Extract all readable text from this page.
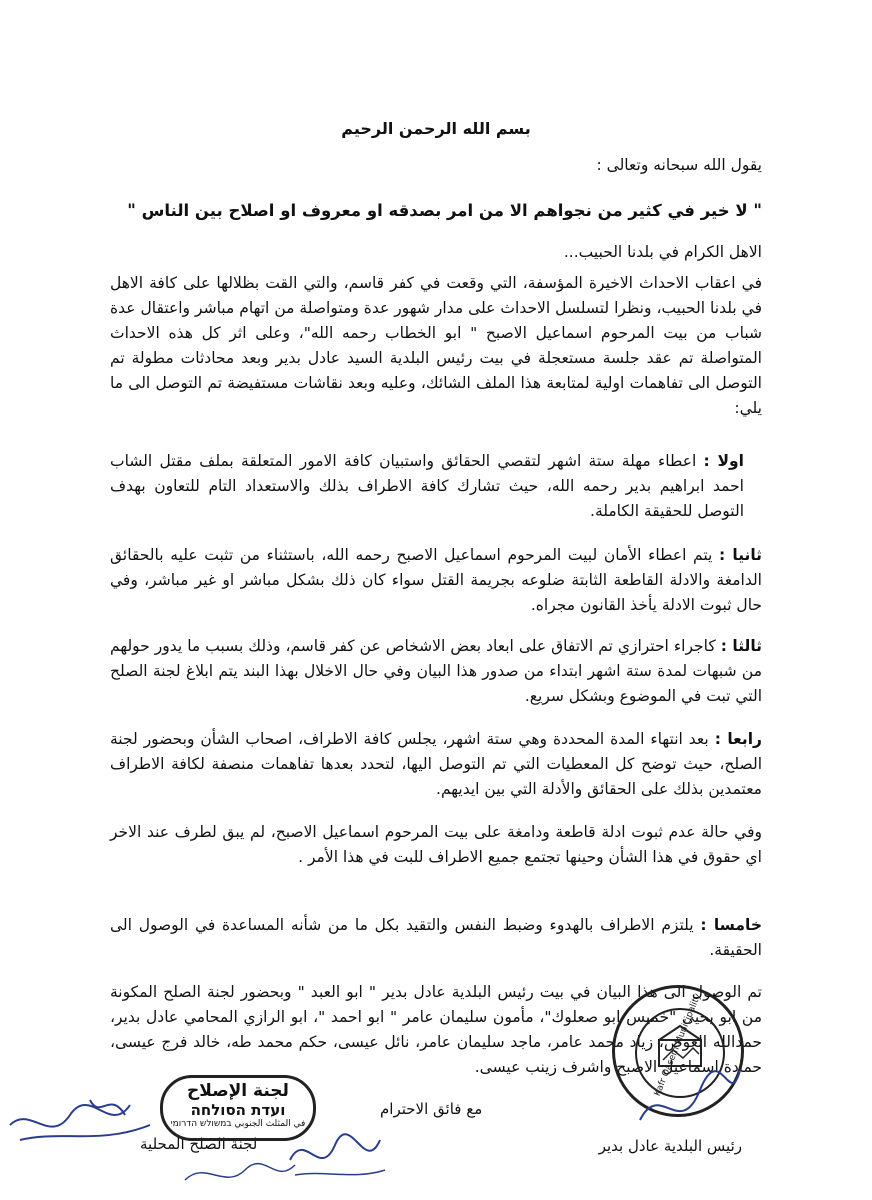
بسم الله الرحمن الرحيم
يقول الله سبحانه وتعالى :
" لا خير في كثير من نجواهم الا من امر بصدقه او معروف او اصلاح بين الناس "
الاهل الكرام في بلدنا الحبيب...
في اعقاب الاحداث الاخيرة المؤسفة، التي وقعت في كفر قاسم، والتي القت بظلالها على كافة الاهل في بلدنا الحبيب، ونظرا لتسلسل الاحداث على مدار شهور عدة ومتواصلة من اتهام مباشر واعتقال عدة شباب من بيت المرحوم اسماعيل الاصبح " ابو الخطاب رحمه الله"، وعلى اثر كل هذه الاحداث المتواصلة تم عقد جلسة مستعجلة في بيت رئيس البلدية السيد عادل بدير وبعد محادثات مطولة تم التوصل الى تفاهمات اولية لمتابعة هذا الملف الشائك، وعليه وبعد نقاشات مستفيضة تم التوصل الى ما يلي:
اولا : اعطاء مهلة ستة اشهر لتقصي الحقائق واستبيان كافة الامور المتعلقة بملف مقتل الشاب احمد ابراهيم بدير رحمه الله، حيث تشارك كافة الاطراف بذلك والاستعداد التام للتعاون بهدف التوصل للحقيقة الكاملة.
ثانيا : يتم اعطاء الأمان لبيت المرحوم اسماعيل الاصبح رحمه الله، باستثناء من تثبت عليه بالحقائق الدامغة والادلة القاطعة الثابتة ضلوعه بجريمة القتل سواء كان ذلك بشكل مباشر او غير مباشر، وفي حال ثبوت الادلة يأخذ القانون مجراه.
ثالثا : كاجراء احترازي تم الاتفاق على ابعاد بعض الاشخاص عن كفر قاسم، وذلك بسبب ما يدور حولهم من شبهات لمدة ستة اشهر ابتداء من صدور هذا البيان وفي حال الاخلال بهذا البند يتم ابلاغ لجنة الصلح التي تبت في الموضوع وبشكل سريع.
رابعا : بعد انتهاء المدة المحددة وهي ستة اشهر، يجلس كافة الاطراف، اصحاب الشأن وبحضور لجنة الصلح، حيث توضح كل المعطيات التي تم التوصل اليها، لتحدد بعدها تفاهمات منصفة لكافة الاطراف معتمدين بذلك على الحقائق والأدلة التي بين ايديهم.
وفي حالة عدم ثبوت ادلة قاطعة ودامغة على بيت المرحوم اسماعيل الاصبح، لم يبق لطرف عند الاخر اي حقوق في هذا الشأن وحينها تجتمع جميع الاطراف للبت في هذا الأمر .
خامسا : يلتزم الاطراف بالهدوء وضبط النفس والتقيد بكل ما من شأنه المساعدة في الوصول الى الحقيقة.
تم الوصول الى هذا البيان في بيت رئيس البلدية عادل بدير " ابو العبد " وبحضور لجنة الصلح المكونة من ابو يحيى "خميس ابو صعلوك"، مأمون سليمان عامر " ابو احمد "، ابو الرازي المحامي عادل بدير، حمدالله العوض، زياد محمد عامر، ماجد سليمان عامر، نائل عيسى، حكم محمد طه، خالد فرج عيسى، حمادة اسماعيل الاصبح واشرف زينب عيسى.
مع فائق الاحترام
رئيس البلدية عادل بدير
لجنة الصلح المحلية
Kafr Qasem Municipality
لجنة الإصلاح
ועדת הסולחה
في المثلث الجنوبي במשולש הדרומי
